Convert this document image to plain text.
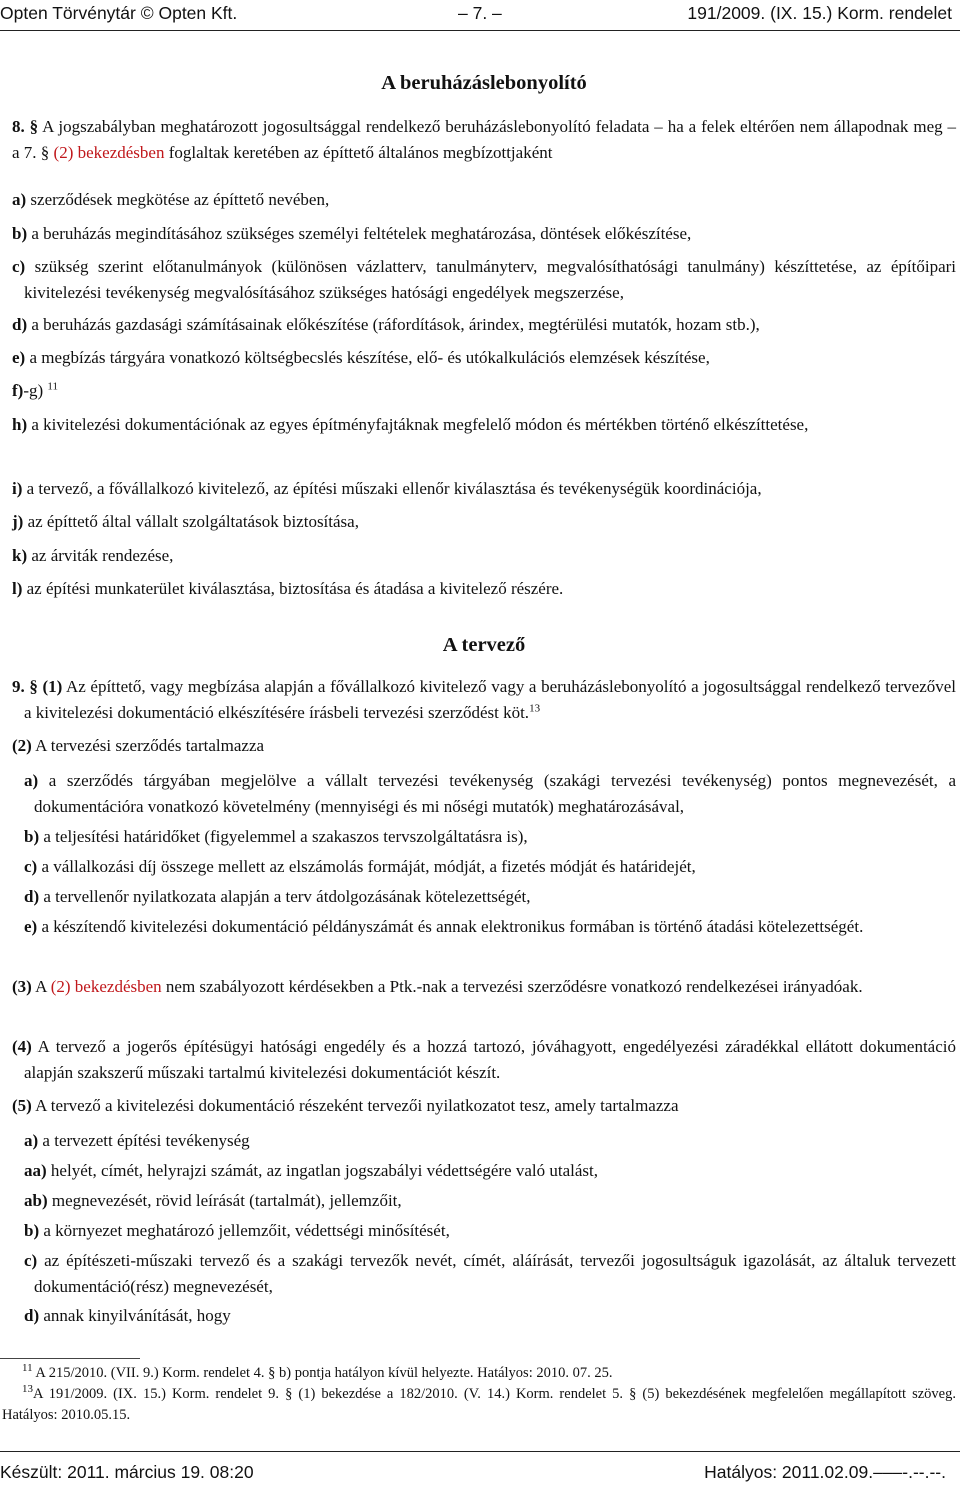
Opten Törvénytár © Opten Kft.	– 7. –	191/2009. (IX. 15.) Korm. rendelet
A beruházáslebonyolító
8. § A jogszabályban meghatározott jogosultsággal rendelkező beruházáslebonyolító feladata – ha a felek eltérően nem állapodnak meg – a 7. § (2) bekezdésben foglaltak keretében az építtető általános megbízottjaként
a) szerződések megkötése az építtető nevében,
b) a beruházás megindításához szükséges személyi feltételek meghatározása, döntések előkészítése,
c) szükség szerint előtanulmányok (különösen vázlatterv, tanulmányterv, megvalósíthatósági tanulmány) készíttetése, az építőipari kivitelezési tevékenység megvalósításához szükséges hatósági engedélyek megszerzése,
d) a beruházás gazdasági számításainak előkészítése (ráfordítások, árindex, megtérülési mutatók, hozam stb.),
e) a megbízás tárgyára vonatkozó költségbecslés készítése, elő- és utókalkulációs elemzések készítése,
f)-g) $^{11}$
h) a kivitelezési dokumentációnak az egyes építményfajtáknak megfelelő módon és mértékben történő elkészíttetése,
i) a tervező, a fővállalkozó kivitelező, az építési műszaki ellenőr kiválasztása és tevékenységük koordinációja,
j) az építtető által vállalt szolgáltatások biztosítása,
k) az árviták rendezése,
l) az építési munkaterület kiválasztása, biztosítása és átadása a kivitelező részére.
A tervező
9. § (1) Az építtető, vagy megbízása alapján a fővállalkozó kivitelező vagy a beruházáslebonyolító a jogosultsággal rendelkező tervezővel a kivitelezési dokumentáció elkészítésére írásbeli tervezési szerződést köt.$^{13}$
(2) A tervezési szerződés tartalmazza
a) a szerződés tárgyában megjelölve a vállalt tervezési tevékenység (szakági tervezési tevékenység) pontos megnevezését, a dokumentációra vonatkozó követelmény (mennyiségi és mi nőségi mutatók) meghatározásával,
b) a teljesítési határidőket (figyelemmel a szakaszos tervszolgáltatásra is),
c) a vállalkozási díj összege mellett az elszámolás formáját, módját, a fizetés módját és határidejét,
d) a tervellenőr nyilatkozata alapján a terv átdolgozásának kötelezettségét,
e) a készítendő kivitelezési dokumentáció példányszámát és annak elektronikus formában is történő átadási kötelezettségét.
(3) A (2) bekezdésben nem szabályozott kérdésekben a Ptk.-nak a tervezési szerződésre vonatkozó rendelkezései irányadóak.
(4) A tervező a jogerős építésügyi hatósági engedély és a hozzá tartozó, jóváhagyott, engedélyezési záradékkal ellátott dokumentáció alapján szakszerű műszaki tartalmú kivitelezési dokumentációt készít.
(5) A tervező a kivitelezési dokumentáció részeként tervezői nyilatkozatot tesz, amely tartalmazza
a) a tervezett építési tevékenység
aa) helyét, címét, helyrajzi számát, az ingatlan jogszabályi védettségére való utalást,
ab) megnevezését, rövid leírását (tartalmát), jellemzőit,
b) a környezet meghatározó jellemzőit, védettségi minősítését,
c) az építészeti-műszaki tervező és a szakági tervezők nevét, címét, aláírását, tervezői jogosultságuk igazolását, az általuk tervezett dokumentáció(rész) megnevezését,
d) annak kinyilvánítását, hogy
$^{11}$ A 215/2010. (VII. 9.) Korm. rendelet 4. § b) pontja hatályon kívül helyezte. Hatályos: 2010. 07. 25.
$^{13}$A 191/2009. (IX. 15.) Korm. rendelet 9. § (1) bekezdése a 182/2010. (V. 14.) Korm. rendelet 5. § (5) bekezdésének megfelelően megállapított szöveg. Hatályos: 2010.05.15.
Készült: 2011. március 19. 08:20	Hatályos: 2011.02.09.–––-.--.--.
